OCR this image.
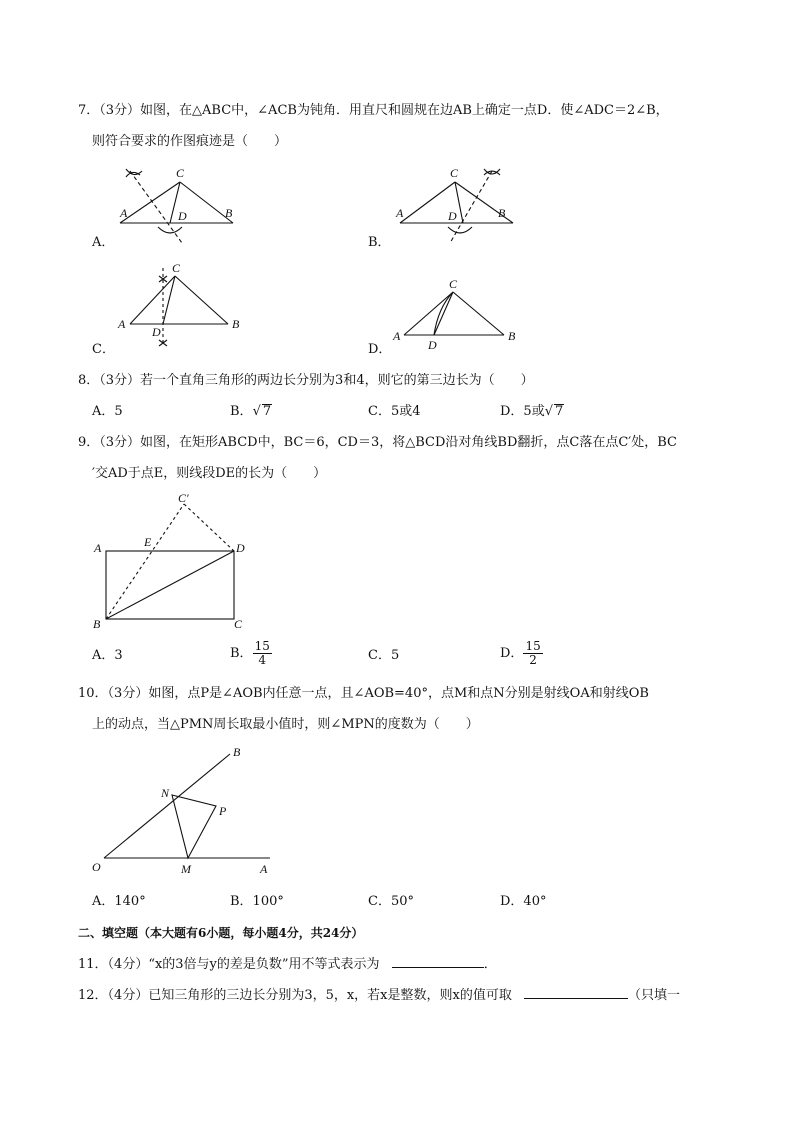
7．（3分）如图，在△ABC中，∠ACB为钝角．用直尺和圆规在边AB上确定一点D．使∠ADC＝2∠B，
则符合要求的作图痕迹是（　　）
C
A	D	B
A．
C
A	D	B
B．
C
A
D
B
C．
C
A
D
B
D．
8．（3分）若一个直角三角形的两边长分别为3和4，则它的第三边长为（　　）
A．5	B．√ 7	C．5或4	D．5或√ 7
9．（3分）如图，在矩形ABCD中，BC＝6，CD＝3，将△BCD沿对角线BD翻折，点C落在点C′处，BC
′交AD于点E，则线段DE的长为（　　）
C′
A	E	D
B	C
A．3	B． $\frac{15}{4}$	C．5	D． $\frac{15}{2}$
10．（3分）如图，点P是∠AOB内任意一点，且∠AOB=40°，点M和点N分别是射线OA和射线OB
上的动点，当△PMN周长取最小值时，则∠MPN的度数为（　　）
B
N
P
O	M	A
A．140°	B．100°	C．50°	D．40°
二、填空题（本大题有6小题，每小题4分，共24分）
11．（4分）“x的3倍与y的差是负数”用不等式表示为	．
12．（4分）已知三角形的三边长分别为3，5，x，若x是整数，则x的值可取	（只填一
